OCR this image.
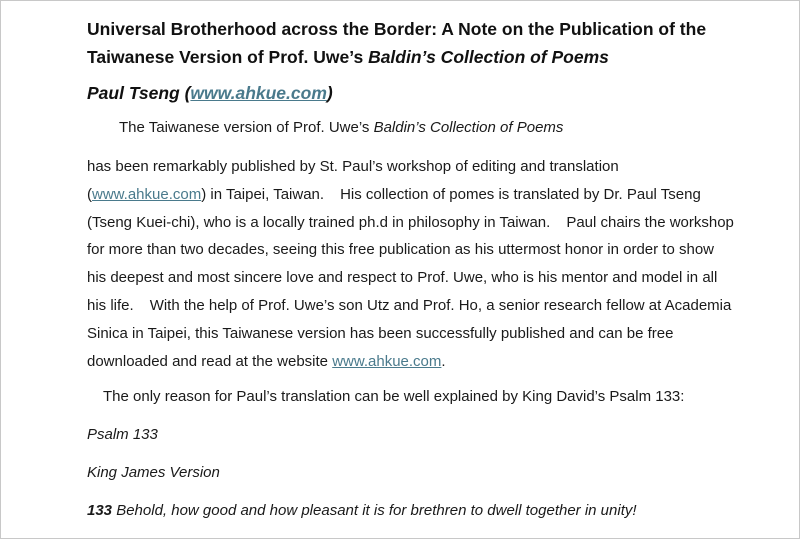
Universal Brotherhood across the Border: A Note on the Publication of the
Taiwanese Version of Prof. Uwe’s Baldin’s Collection of Poems

Paul Tseng (www.ahkue.com)

The Taiwanese version of Prof. Uwe’s Baldin’s Collection of Poems

has been remarkably published by St. Paul’s workshop of editing and translation (www.ahkue.com) in Taipei, Taiwan. His collection of pomes is translated by Dr. Paul Tseng (Tseng Kuei-chi), who is a locally trained ph.d in philosophy in Taiwan. Paul chairs the workshop for more than two decades, seeing this free publication as his uttermost honor in order to show his deepest and most sincere love and respect to Prof. Uwe, who is his mentor and model in all his life. With the help of Prof. Uwe’s son Utz and Prof. Ho, a senior research fellow at Academia Sinica in Taipei, this Taiwanese version has been successfully published and can be free downloaded and read at the website www.ahkue.com.

The only reason for Paul’s translation can be well explained by King David’s Psalm 133:

Psalm 133

King James Version

133 Behold, how good and how pleasant it is for brethren to dwell together in unity!
